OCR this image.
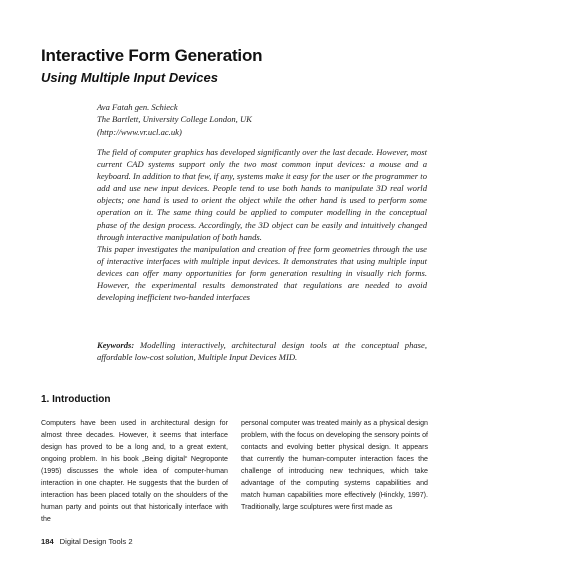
Interactive Form Generation
Using Multiple Input Devices
Ava Fatah gen. Schieck
The Bartlett, University College London, UK
(http://www.vr.ucl.ac.uk)

The field of computer graphics has developed significantly over the last decade. However, most current CAD systems support only the two most common input devices: a mouse and a keyboard. In addition to that few, if any, systems make it easy for the user or the programmer to add and use new input devices. People tend to use both hands to manipulate 3D real world objects; one hand is used to orient the object while the other hand is used to perform some operation on it. The same thing could be applied to computer modelling in the conceptual phase of the design process. Accordingly, the 3D object can be easily and intuitively changed through interactive manipulation of both hands.

This paper investigates the manipulation and creation of free form geometries through the use of interactive interfaces with multiple input devices. It demonstrates that using multiple input devices can offer many opportunities for form generation resulting in visually rich forms. However, the experimental results demonstrated that regulations are needed to avoid developing inefficient two-handed interfaces

Keywords: Modelling interactively, architectural design tools at the conceptual phase, affordable low-cost solution, Multiple Input Devices MID.

1. Introduction

Computers have been used in architectural design for almost three decades. However, it seems that interface design has proved to be a long and, to a great extent, ongoing problem. In his book „Being digital“ Negroponte (1995) discusses the whole idea of computer-human interaction in one chapter. He suggests that the burden of interaction has been placed totally on the shoulders of the human party and points out that historically interface with the

personal computer was treated mainly as a physical design problem, with the focus on developing the sensory points of contacts and evolving better physical design. It appears that currently the human-computer interaction faces the challenge of introducing new techniques, which take advantage of the computing systems capabilities and match human capabilities more effectively (Hinckly, 1997). Traditionally, large sculptures were first made as

184 Digital Design Tools 2
